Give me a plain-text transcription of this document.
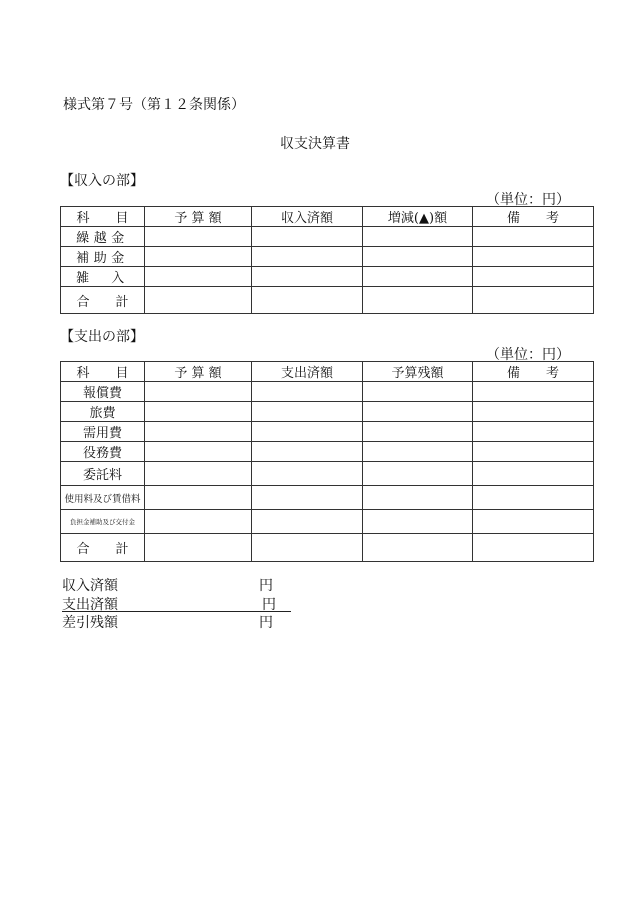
様式第７号（第１２条関係）
収支決算書
【収入の部】
（単位：円）
科　　目	予 算 額	収入済額	増減(▲)額	備　　考
繰越金				
補助金				
雑　入				
合　　計				
【支出の部】
（単位：円）
科　　目	予 算 額	支出済額	予算残額	備　　考
報償費				
旅費				
需用費				
役務費				
委託料				
使用料及び賃借料				
負担金補助及び交付金				
合　　計				
収入済額	円
支出済額	円
差引残額	円
